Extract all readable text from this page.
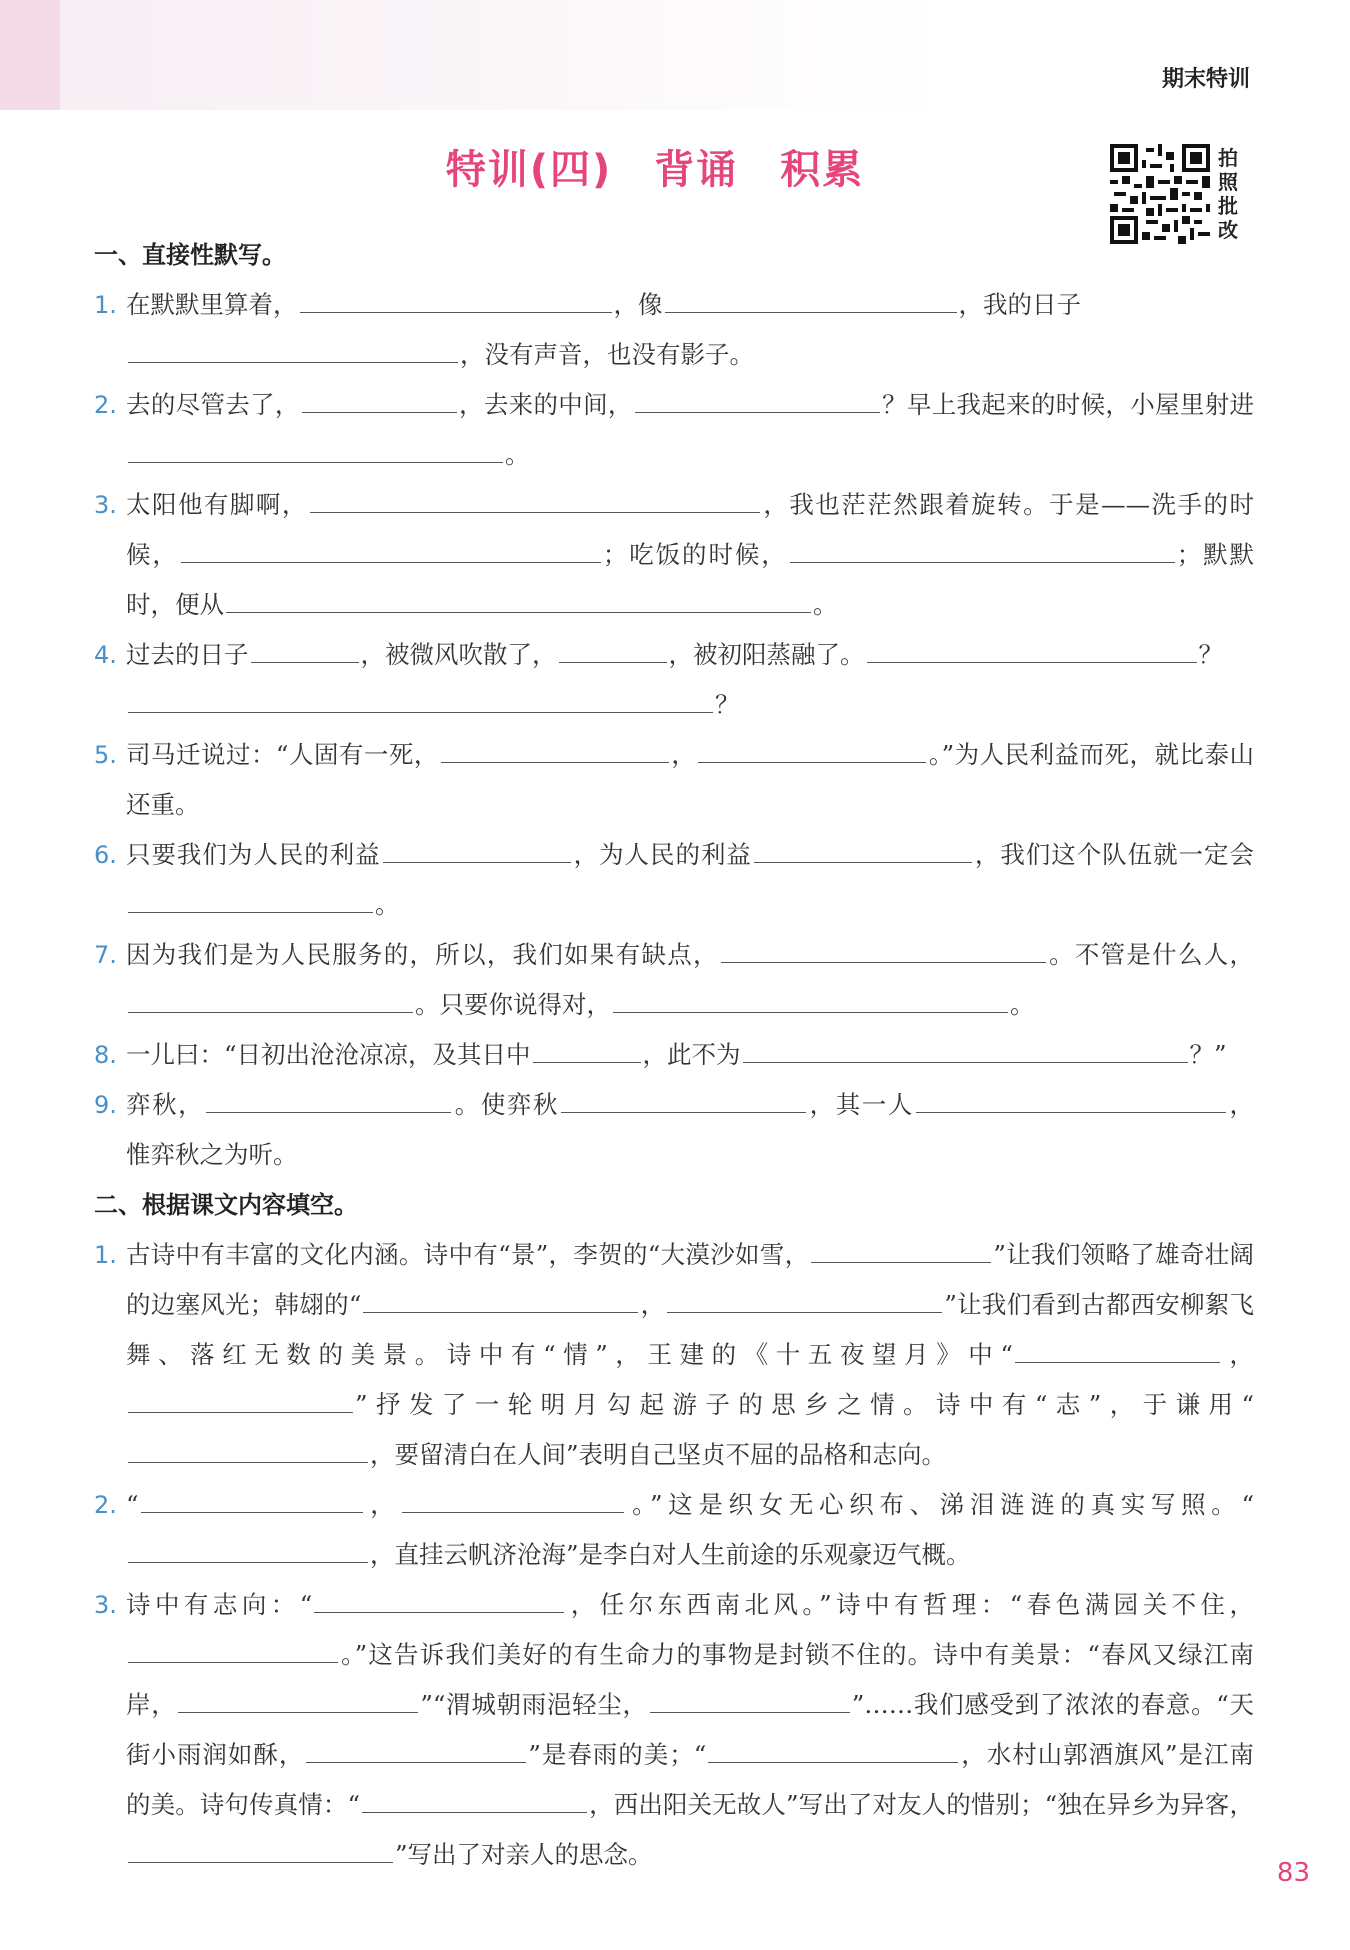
期末特训
特训(四)　背诵　积累	拍照批改
一、直接性默写。
1. 在默默里算着，	，像	，我的日子
，没有声音，也没有影子。
2. 去的尽管去了，	，去来的中间，	？早上我起来的时候，小屋里射进。
3. 太阳他有脚啊，	，我也茫茫然跟着旋转。于是——洗手的时候，	；吃饭的时候，	；默默时，便从	。
4. 过去的日子	，被微风吹散了，	，被初阳蒸融了。	？
？
5. 司马迁说过：“人固有一死，	，	。”为人民利益而死，就比泰山还重。
6. 只要我们为人民的利益	，为人民的利益	，我们这个队伍就一定会。
7. 因为我们是为人民服务的，所以，我们如果有缺点，	。不管是什么人，。只要你说得对，	。
8. 一儿曰：“日初出沧沧凉凉，及其日中	，此不为	？”
9. 弈秋，	。使弈秋	，其一人	，惟弈秋之为听。
二、根据课文内容填空。
1. 古诗中有丰富的文化内涵。诗中有“景”，李贺的“大漠沙如雪，	”让我们领略了雄奇壮阔的边塞风光；韩翃的“	，	”让我们看到古都西安柳絮飞舞、落红无数的美景。诗中有“情”，王建的《十五夜望月》中“	，”抒发了一轮明月勾起游子的思乡之情。诗中有“志”，于谦用“，要留清白在人间”表明自己坚贞不屈的品格和志向。
2. “	，	。”这是织女无心织布、涕泪涟涟的真实写照。“，直挂云帆济沧海”是李白对人生前途的乐观豪迈气概。
3. 诗中有志向：“	，任尔东西南北风。”诗中有哲理：“春色满园关不住，。”这告诉我们美好的有生命力的事物是封锁不住的。诗中有美景：“春风又绿江南岸，	”“渭城朝雨浥轻尘，	”……我们感受到了浓浓的春意。“天街小雨润如酥，	”是春雨的美；“	，水村山郭酒旗风”是江南的美。诗句传真情：“	，西出阳关无故人”写出了对友人的惜别；“独在异乡为异客，”写出了对亲人的思念。
83
